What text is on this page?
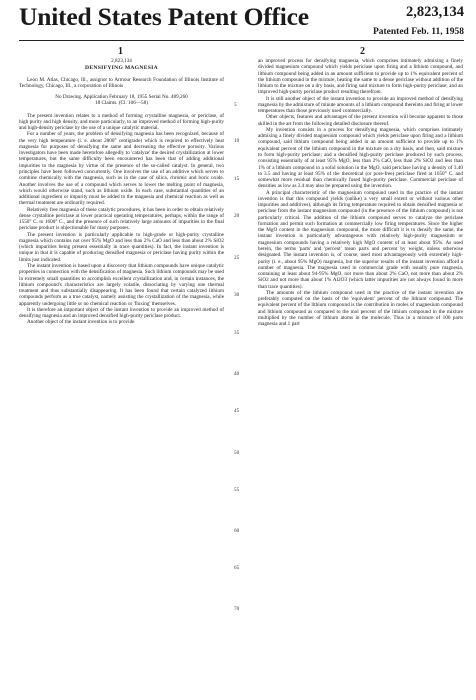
United States Patent Office	2,823,134
Patented Feb. 11, 1958
1	2
2,823,134
DENSIFYING MAGNESIA

Leon M. Atlas, Chicago, Ill., assignor to Armour Research Foundation of Illinois Institute of Technology, Chicago, Ill., a corporation of Illinois

No Drawing. Application February 18, 1955 Serial No. 489,260
18 Claims. (Cl. 106—58)

The present invention relates to a method of forming crystalline magnesia, or periclase, of high purity and high density, and more particularly, to an improved method of forming high-purity and high-density periclase by the use of a unique catalytic material.

For a number of years, the problem of densifying magnesia has been recognized, because of the very high temperature (i. e. about 2800° centigrade) which is required to effectively heat magnesia for purposes of densifying the same and decreasing the effective porosity. Various investigators have been made heretofore allegedly to 'catalyze' the desired crystallization at lower temperatures, but the same difficulty been encountered has been that of adding additional impurities to the magnesia by virtue of the presence of the so-called catalyst. In general, two principles have been followed concurrently. One involves the use of an additive which serves to combine chemically with the magnesia, such as in the case of silica, chromic and boric oxide. Another involves the use of a compound which serves to lower the melting point of magnesia, which would otherwise stand, such as lithium oxide. In each case, substantial quantities of an additional ingredient or impurity must be added to the magnesia and chemical reaction as well as thermal treatment are ordinarily required.

Relatively free magnesia of these catalytic procedures, it has been in order to obtain relatively dense crystalline periclase at lower practical operating temperatures, perhaps, within the range of 1550° C. to 1600° C., and the presence of such relatively large amounts of impurities in the final periclase product is objectionable for many purposes.

The present invention is particularly applicable to high-grade or high-purity crystalline magnesia which contains not over 95% MgO and less than 2% CaO and less than about 2% SiO2 (which impurities being present essentially in trace quantities). In fact, the instant invention is unique in that it is capable of producing densified magnesia or periclase having purity within the limits just indicated.

The instant invention is based upon a discovery that lithium compounds have unique catalytic properties in connection with the densification of magnesia. Such lithium compounds may be used in extremely small quantities to accomplish excellent crystallization and, in certain instances, the lithium compound's characteristics are largely volatile, dissociating by varying one thermal treatment and thus substantially disappearing. It has been found that certain catalyzed lithium compounds perform as a true catalyst, namely assisting the crystallization of the magnesia, while apparently undergoing little or no chemical reaction or 'fluxing' themselves.

It is therefore an important object of the instant invention to provide an improved method of densifying magnesia and an improved densified high-purity periclase product.

Another object of the instant invention is to provide

an improved process for densifying magnesia, which comprises intimately admixing a finely divided magnesium compound which yields periclase upon firing and a lithium compound, and lithium compound being added in an amount sufficient to provide up to 1% equivalent percent of the lithium compound in the mixture, heating the same to a dense periclase without addition of the lithium to the mixture on a dry basis, and firing said mixture to form high-purity periclase; and an improved high-purity periclase product resulting therefrom.

It is still another object of the instant invention to provide an improved method of densifying magnesia by the admixture of minute amounts of a lithium compound thereinto and firing at lower temperatures than those previously used commercially.

Other objects, features and advantages of the present invention will become apparent to those skilled in the art from the following detailed disclosure thereof.

My invention consists in a process for densifying magnesia, which comprises intimately admixing a finely divided magnesium compound which yields periclase upon firing and a lithium compound, said lithium compound being added in an amount sufficient to provide up to 1% equivalent percent of the lithium compound in the mixture on a dry basis, and then, said mixture to form high-purity periclase; and a densified high-purity periclase produced by such process, consisting essentially of at least 95% MgO, less than 2% CaO, less than 2% SiO2 and less than 1% of a lithium compound in a solid solution in the MgO, said periclase having a density of 3.40 to 3.5 and having at least 95% of the theoretical (or pore-free) periclase fired at 1650° C. and somewhat more residual than chemically fused high-purity periclase. Commercial periclase of densities as low as 3.4 may also be prepared using the invention.

A principal characteristic of the magnesium compound used in the practice of the instant invention is that this compound yields (unlike) a very small extent or without various other impurities and additives), although its firing temperature required to obtain densified magnesia or periclase from the instant magnesium compound (in the presence of the lithium compound) is not particularly critical. The addition of the lithium compound serves to catalyze the periclase formation and permit such formation at commercially low firing temperatures. Since the higher the MgO content in the magnesium compound, the more difficult it is to densify the same, the instant invention is particularly advantageous with relatively high-purity magnesium or magnesium compounds having a relatively high MgO content of at least about 95%. As used herein, the terms 'parts' and 'percent' mean parts and percent by weight, unless otherwise designated. The instant invention is, of course, used most advantageously with extremely high-purity (i. e., about 95% MgO) magnesia, but the superior results of the instant invention afford a number of magnesia. The magnesia used in commercial grade with usually pure magnesia, containing at least about 94-95% MgO, not more than about 2% CaO, not more than about 2% SiO2 and not more than about 1% Al2O3 (which latter impurities are not always found in more than trace quantities).

The amounts of the lithium compound used in the practice of the instant invention are preferably computed on the basis of the 'equivalent' percent of the lithium compound. The equivalent percent of the lithium compound is the contribution in moles of magnesium compound and lithium compound as compared to the mol percent of the lithium compound in the mixture multiplied by the number of lithium atoms in the molecule. Thus in a mixture of 100 parts magnesia and 1 part

5
10
15
20
25
30
35
40
45
50
55
60
65
70
